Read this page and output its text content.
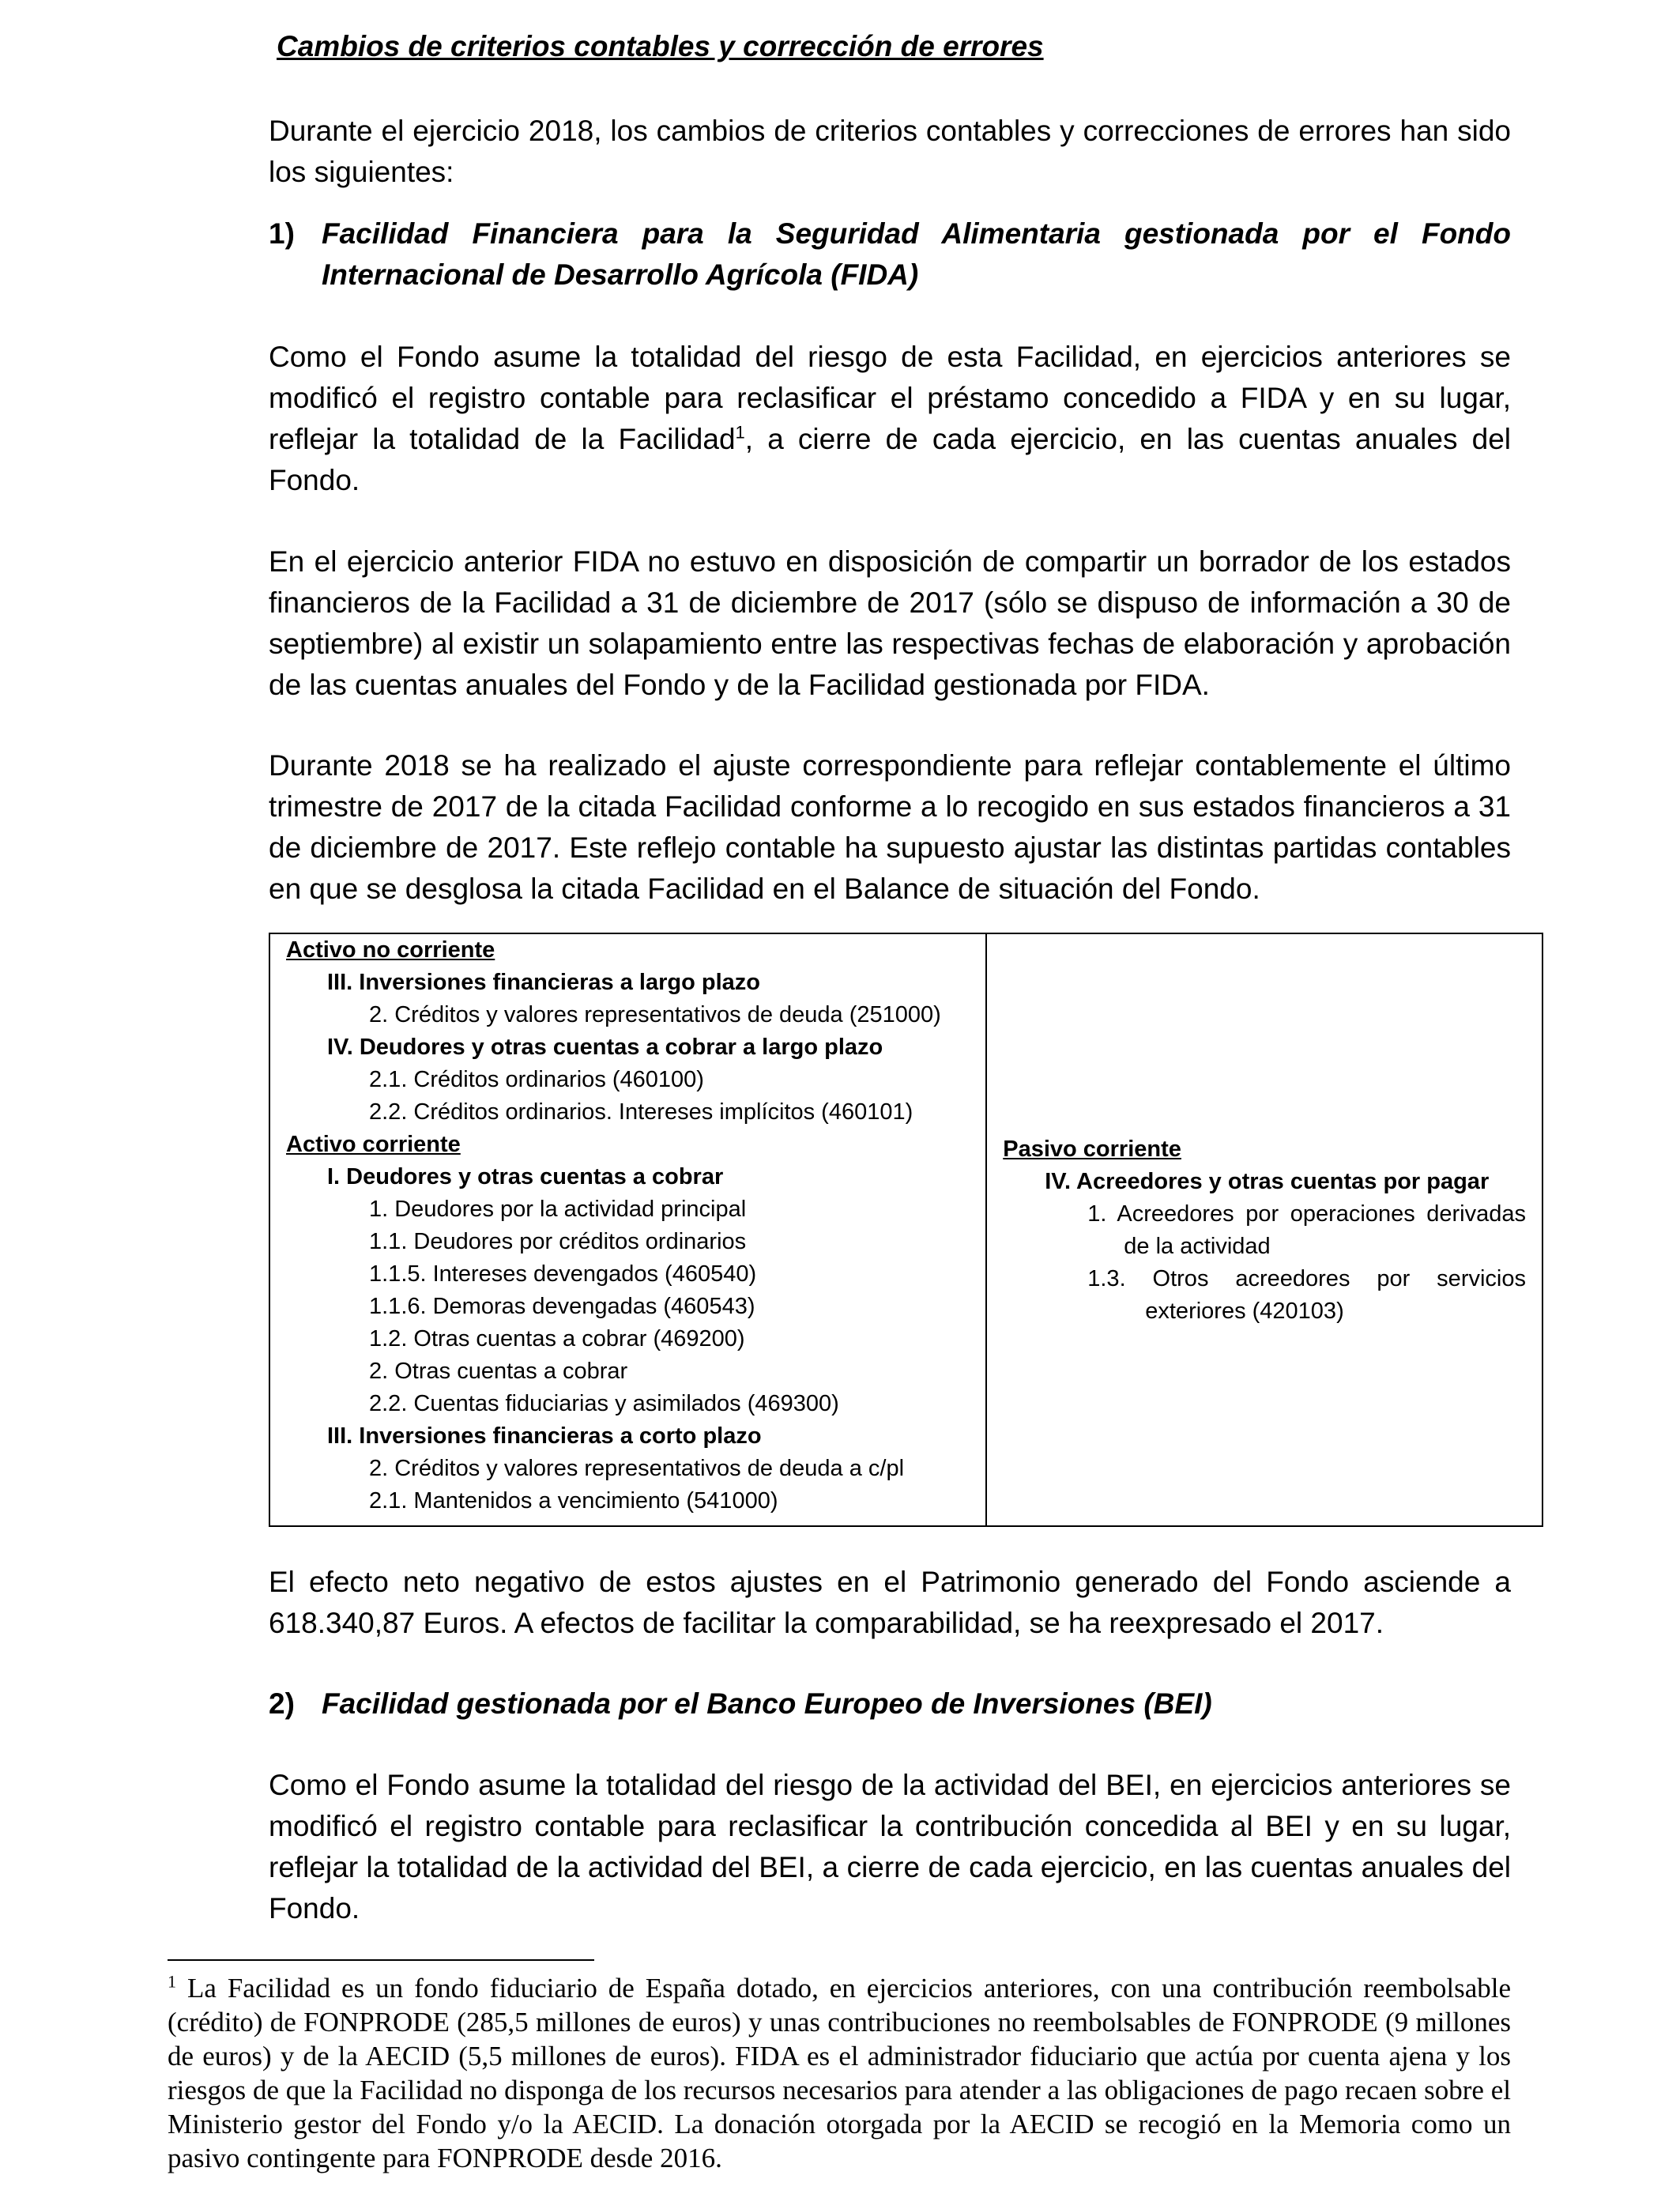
Cambios de criterios contables y corrección de errores

Durante el ejercicio 2018, los cambios de criterios contables y correcciones de errores han sido los siguientes:

1) Facilidad Financiera para la Seguridad Alimentaria gestionada por el Fondo Internacional de Desarrollo Agrícola (FIDA)

Como el Fondo asume la totalidad del riesgo de esta Facilidad, en ejercicios anteriores se modificó el registro contable para reclasificar el préstamo concedido a FIDA y en su lugar, reflejar la totalidad de la Facilidad$^1$, a cierre de cada ejercicio, en las cuentas anuales del Fondo.

En el ejercicio anterior FIDA no estuvo en disposición de compartir un borrador de los estados financieros de la Facilidad a 31 de diciembre de 2017 (sólo se dispuso de información a 30 de septiembre) al existir un solapamiento entre las respectivas fechas de elaboración y aprobación de las cuentas anuales del Fondo y de la Facilidad gestionada por FIDA.

Durante 2018 se ha realizado el ajuste correspondiente para reflejar contablemente el último trimestre de 2017 de la citada Facilidad conforme a lo recogido en sus estados financieros a 31 de diciembre de 2017. Este reflejo contable ha supuesto ajustar las distintas partidas contables en que se desglosa la citada Facilidad en el Balance de situación del Fondo.

Activo no corriente
III. Inversiones financieras a largo plazo
2. Créditos y valores representativos de deuda (251000)
IV. Deudores y otras cuentas a cobrar a largo plazo
2.1. Créditos ordinarios (460100)
2.2. Créditos ordinarios. Intereses implícitos (460101)
Activo corriente
I. Deudores y otras cuentas a cobrar
1. Deudores por la actividad principal
1.1. Deudores por créditos ordinarios
1.1.5. Intereses devengados (460540)
1.1.6. Demoras devengadas (460543)
1.2. Otras cuentas a cobrar (469200)
2. Otras cuentas a cobrar
2.2. Cuentas fiduciarias y asimilados (469300)
III. Inversiones financieras a corto plazo
2. Créditos y valores representativos de deuda a c/pl
2.1. Mantenidos a vencimiento (541000)

Pasivo corriente
IV. Acreedores y otras cuentas por pagar
1. Acreedores por operaciones derivadas
de la actividad
1.3. Otros acreedores por servicios
exteriores (420103)

El efecto neto negativo de estos ajustes en el Patrimonio generado del Fondo asciende a 618.340,87 Euros. A efectos de facilitar la comparabilidad, se ha reexpresado el 2017.

2) Facilidad gestionada por el Banco Europeo de Inversiones (BEI)

Como el Fondo asume la totalidad del riesgo de la actividad del BEI, en ejercicios anteriores se modificó el registro contable para reclasificar la contribución concedida al BEI y en su lugar, reflejar la totalidad de la actividad del BEI, a cierre de cada ejercicio, en las cuentas anuales del Fondo.

$^1$ La Facilidad es un fondo fiduciario de España dotado, en ejercicios anteriores, con una contribución reembolsable (crédito) de FONPRODE (285,5 millones de euros) y unas contribuciones no reembolsables de FONPRODE (9 millones de euros) y de la AECID (5,5 millones de euros). FIDA es el administrador fiduciario que actúa por cuenta ajena y los riesgos de que la Facilidad no disponga de los recursos necesarios para atender a las obligaciones de pago recaen sobre el Ministerio gestor del Fondo y/o la AECID. La donación otorgada por la AECID se recogió en la Memoria como un pasivo contingente para FONPRODE desde 2016.
